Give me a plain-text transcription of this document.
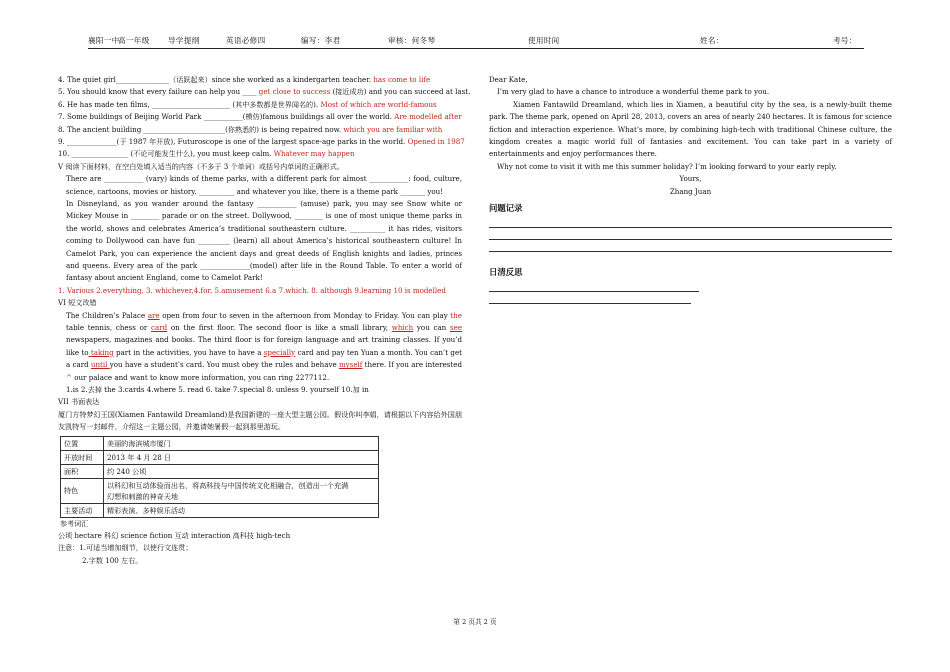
襄阳一中
高一年级 导学提纲	英语必修四	编写：李君	审核：何冬琴	使用时间	姓名：	考号：
4. The quiet girl_______________（话跃起来）since she worked as a kindergarten teacher. has come to life
5. You should know that every failure can help you ____ get close to success (接近成功) and you can succeed at last.
6. He has made ten films, ______________________ (其中多数都是世界闻名的). Most of which are world-famous
7. Some buildings of Beijing World Park ___________(模仿)famous buildings all over the world. Are modelled after
8. The ancient building _______________________(你熟悉的) is being repaired now. which you are familiar with
9. ______________(于 1987 年开放), Futuroscope is one of the largest space-age parks in the world. Opened in 1987
10. ________________ (不论可能发生什么), you must keep calm. Whatever may happen
V 阅读下面材料，在空白处填入适当的内容（不多于 3 个单词）或括号内单词的正确形式。
There are ___________ (vary) kinds of theme parks, with a different park for almost ___________: food, culture, science, cartoons, movies or history. __________ and whatever you like, there is a theme park _______ you!
In Disneyland, as you wander around the fantasy ___________ (amuse) park, you may see Snow white or Mickey Mouse in ________ parade or on the street. Dollywood, ________ is one of most unique theme parks in the world, shows and celebrates America’s traditional southeastern culture. __________ it has rides, visitors coming to Dollywood can have fun _________ (learn) all about America’s historical southeastern culture! In Camelot Park, you can experience the ancient days and great deeds of English knights and ladies, princes and queens. Every area of the park ______________(model) after life in the Round Table. To enter a world of fantasy about ancient England, come to Camelot Park!
1. Various 2.everything, 3. whichever,4.for, 5.amusement 6.a 7.which. 8. although 9.learning 10 is modelled
VI 短文改错
The Children’s Palace are open from four to seven in the afternoon from Monday to Friday. You can play the table tennis, chess or card on the first floor. The second floor is like a small library, which you can see newspapers, magazines and books. The third floor is for foreign language and art training classes. If you’d like to taking part in the activities, you have to have a specially card and pay ten Yuan a month. You can’t get a card until you have a student’s card. You must obey the rules and behave myself there. If you are interested ^ our palace and want to know more information, you can ring 2277112.
1.is 2.去掉 the 3.cards 4.where 5. read 6. take 7.special 8. unless 9. yourself 10.加 in
VII 书面表达
厦门方特梦幻王国(Xiamen Fantawild Dreamland)是我国新建的一座大型主题公园。假设你叫李娟，请根据以下内容给外国朋友凯特写一封邮件，介绍这一主题公园，并邀请她暑假一起到那里游玩。
位置	美丽的海滨城市厦门
开放时间	2013 年 4 月 28 日
面积	约 240 公顷
特色	以科幻和互动体验而出名，将高科技与中国传统文化相融合，创造出一个充满
幻想和刺激的神奇天地

主要活动	精彩表演、多种娱乐活动
参考词汇
公顷 hectare 科幻 science fiction 互动 interaction 高科技 high-tech
注意：1.可适当增加细节，以使行文连贯；
2.字数 100 左右。
Dear Kate,
I’m very glad to have a chance to introduce a wonderful theme park to you.
Xiamen Fantawild Dreamland, which lies in Xiamen, a beautiful city by the sea, is a newly-built theme park. The theme park, opened on April 28, 2013, covers an area of nearly 240 hectares. It is famous for science fiction and interaction experience. What’s more, by combining high-tech with traditional Chinese culture, the kingdom creates a magic world full of fantasies and excitement. You can take part in a variety of entertainments and enjoy performances there.
Why not come to visit it with me this summer holiday? I’m looking forward to your early reply.
Yours,
Zhang Juan
问题记录
日清反思
第 2 页共 2 页
